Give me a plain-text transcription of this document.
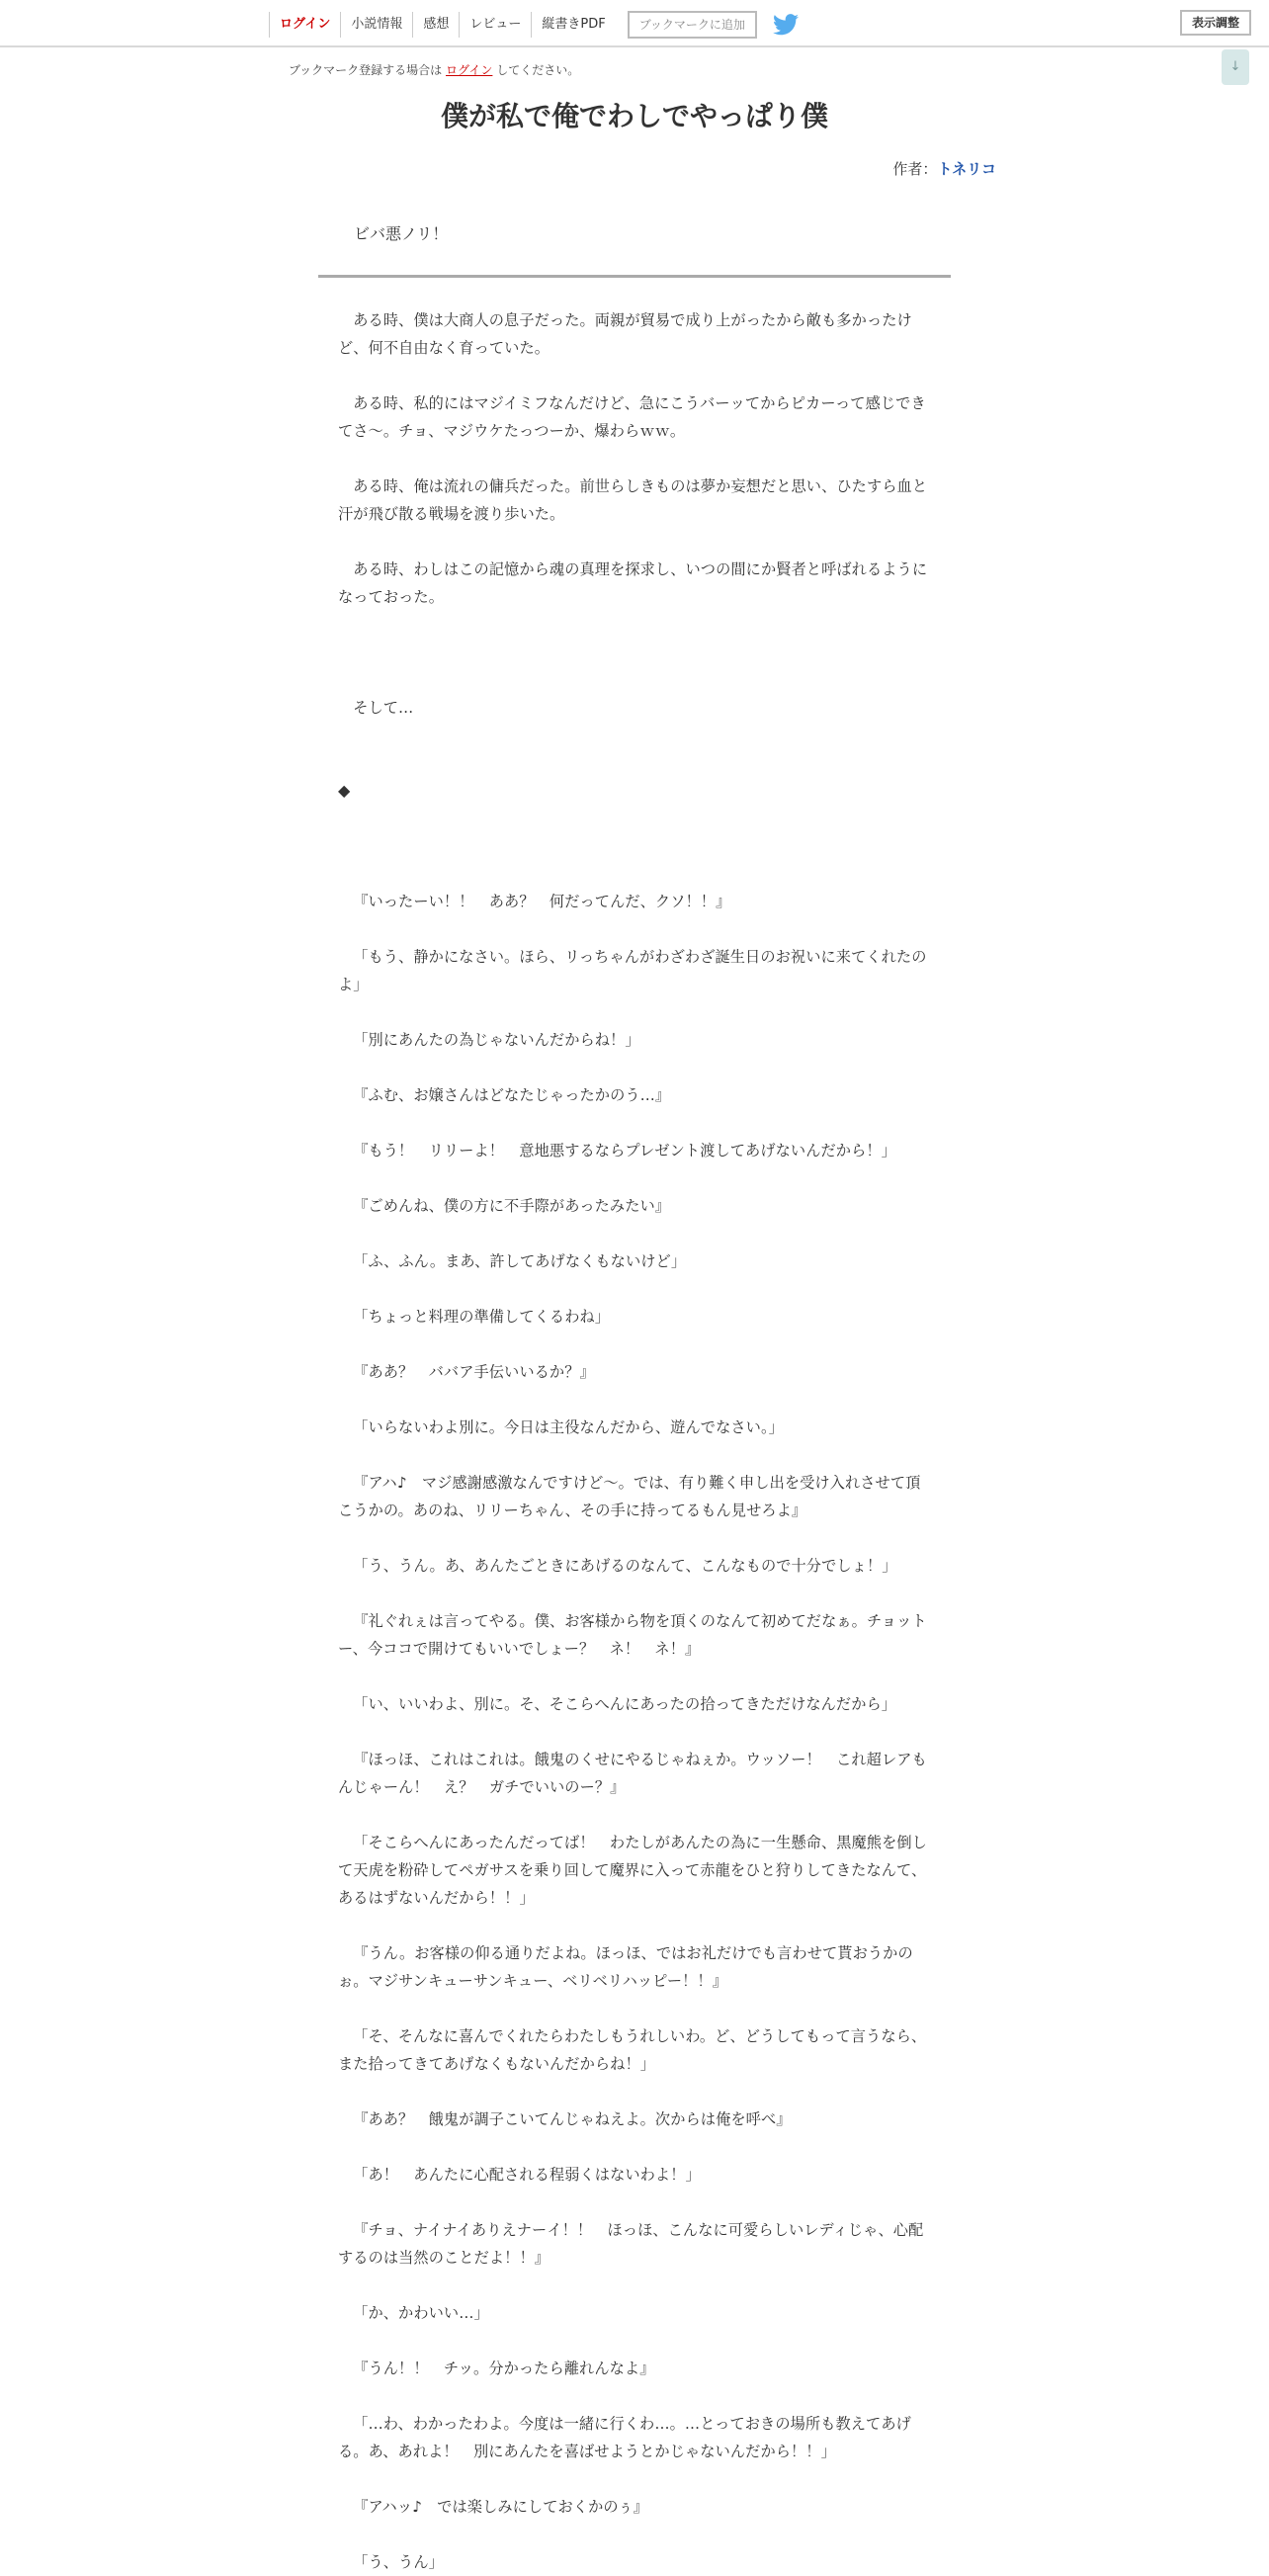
ログイン	小説情報	感想	レビュー	縦書きPDF	ブックマークに追加	表示調整
↓
ブックマーク登録する場合は ログイン してください。
僕が私で俺でわしでやっぱり僕
作者：トネリコ
ビバ悪ノリ！

ある時、僕は大商人の息子だった。両親が貿易で成り上がったから敵も多かったけど、何不自由なく育っていた。

ある時、私的にはマジイミフなんだけど、急にこうバーッてからピカーって感じできてさ～。チョ、マジウケたっつーか、爆わらｗｗ。

ある時、俺は流れの傭兵だった。前世らしきものは夢か妄想だと思い、ひたすら血と汗が飛び散る戦場を渡り歩いた。

ある時、わしはこの記憶から魂の真理を探求し、いつの間にか賢者と呼ばれるようになっておった。

そして…

◆

『いったーい！！　ああ？　何だってんだ、クソ！！』

「もう、静かになさい。ほら、リっちゃんがわざわざ誕生日のお祝いに来てくれたのよ」

「別にあんたの為じゃないんだからね！」

『ふむ、お嬢さんはどなたじゃったかのう…』

『もう！　リリーよ！　意地悪するならプレゼント渡してあげないんだから！」

『ごめんね、僕の方に不手際があったみたい』

「ふ、ふん。まあ、許してあげなくもないけど」

「ちょっと料理の準備してくるわね」

『ああ？　ババア手伝いいるか？』

「いらないわよ別に。今日は主役なんだから、遊んでなさい。」

『アハ♪　マジ感謝感激なんですけど～。では、有り難く申し出を受け入れさせて頂こうかの。あのね、リリーちゃん、その手に持ってるもん見せろよ』

「う、うん。あ、あんたごときにあげるのなんて、こんなもので十分でしょ！」

『礼ぐれぇは言ってやる。僕、お客様から物を頂くのなんて初めてだなぁ。チョットー、今ココで開けてもいいでしょー？　ネ！　ネ！』

「い、いいわよ、別に。そ、そこらへんにあったの拾ってきただけなんだから」

『ほっほ、これはこれは。餓鬼のくせにやるじゃねぇか。ウッソー！　これ超レアもんじゃーん！　え？　ガチでいいのー？』

「そこらへんにあったんだってば！　わたしがあんたの為に一生懸命、黒魔熊を倒して天虎を粉砕してペガサスを乗り回して魔界に入って赤龍をひと狩りしてきたなんて、あるはずないんだから！！」

『うん。お客様の仰る通りだよね。ほっほ、ではお礼だけでも言わせて貰おうかのぉ。マジサンキューサンキュー、ベリベリハッピー！！』

「そ、そんなに喜んでくれたらわたしもうれしいわ。ど、どうしてもって言うなら、また拾ってきてあげなくもないんだからね！」

『ああ？　餓鬼が調子こいてんじゃねえよ。次からは俺を呼べ』

「あ！　あんたに心配される程弱くはないわよ！」

『チョ、ナイナイありえナーイ！！　ほっほ、こんなに可愛らしいレディじゃ、心配するのは当然のことだよ！！』

「か、かわいい…」

『うん！！　チッ。分かったら離れんなよ』

「…わ、わかったわよ。今度は一緒に行くわ…。…とっておきの場所も教えてあげる。あ、あれよ！　別にあんたを喜ばせようとかじゃないんだから！！」

『アハッ♪　では楽しみにしておくかのぅ』

「う、うん」
